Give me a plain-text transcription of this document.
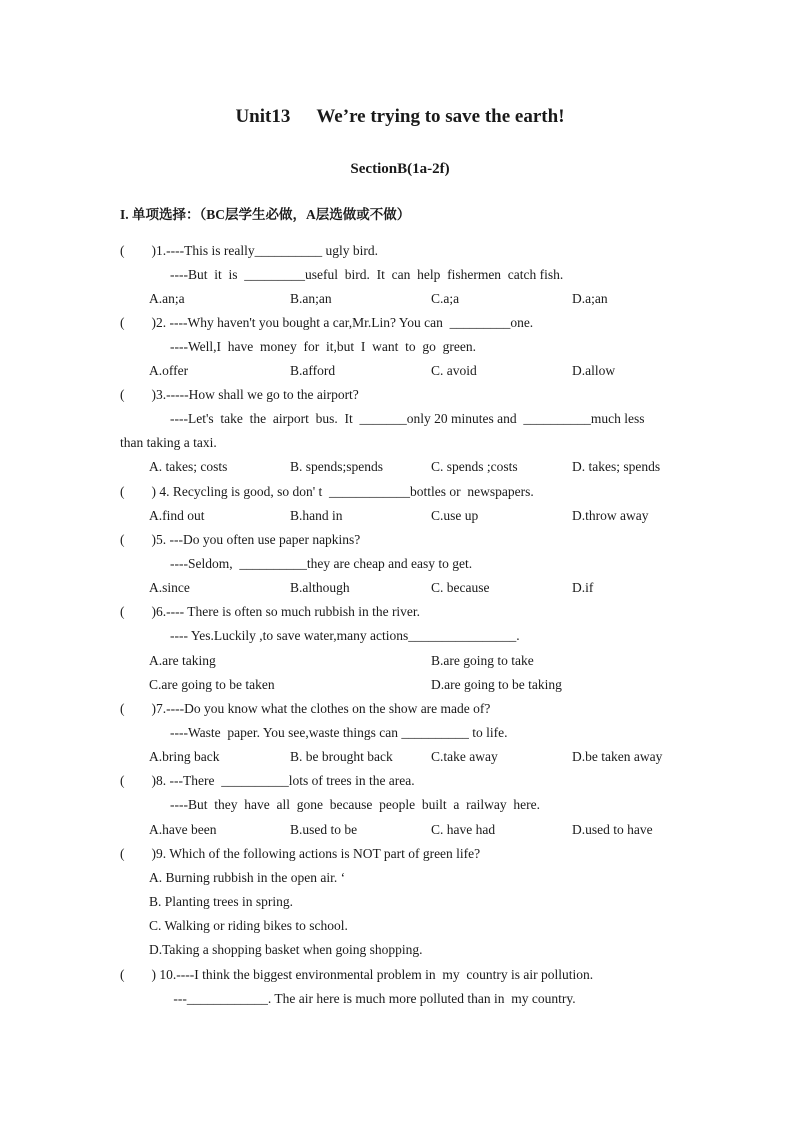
Unit13 We’re trying to save the earth!
SectionB(1a-2f)
I. 单项选择：（BC层学生必做，A层选做或不做）
(        )1.----This is really__________ ugly bird.
----But  it  is  _________useful  bird.  It  can  help  fishermen  catch fish.
A.an;a	B.an;an	C.a;a	D.a;an
(        )2. ----Why haven't you bought a car,Mr.Lin? You can  _________one.
----Well,I  have  money  for  it,but  I  want  to  go  green.
A.offer	B.afford	C. avoid	D.allow
(        )3.-----How shall we go to the airport?
----Let's  take  the  airport  bus.  It  _______only 20 minutes and  __________much less
than taking a taxi.
A. takes; costs	B. spends;spends	C. spends ;costs	D. takes; spends
(        ) 4. Recycling is good, so don' t  ____________bottles or  newspapers.
A.find out	B.hand in	C.use up	D.throw away
(        )5. ---Do you often use paper napkins?
----Seldom,  __________they are cheap and easy to get.
A.since	B.although	C. because	D.if
(        )6.---- There is often so much rubbish in the river.
---- Yes.Luckily ,to save water,many actions________________.
A.are taking	B.are going to take
C.are going to be taken	D.are going to be taking
(        )7.----Do you know what the clothes on the show are made of?
----Waste  paper. You see,waste things can __________ to life.
A.bring back	B. be brought back	C.take away	D.be taken away
(        )8. ---There  __________lots of trees in the area.
----But  they  have  all  gone  because  people  built  a  railway  here.
A.have been	B.used to be	C. have had	D.used to have
(        )9. Which of the following actions is NOT part of green life?
A. Burning rubbish in the open air. ‘
B. Planting trees in spring.
C. Walking or riding bikes to school.
D.Taking a shopping basket when going shopping.
(        ) 10.----I think the biggest environmental problem in  my  country is air pollution.
---____________. The air here is much more polluted than in  my country.
